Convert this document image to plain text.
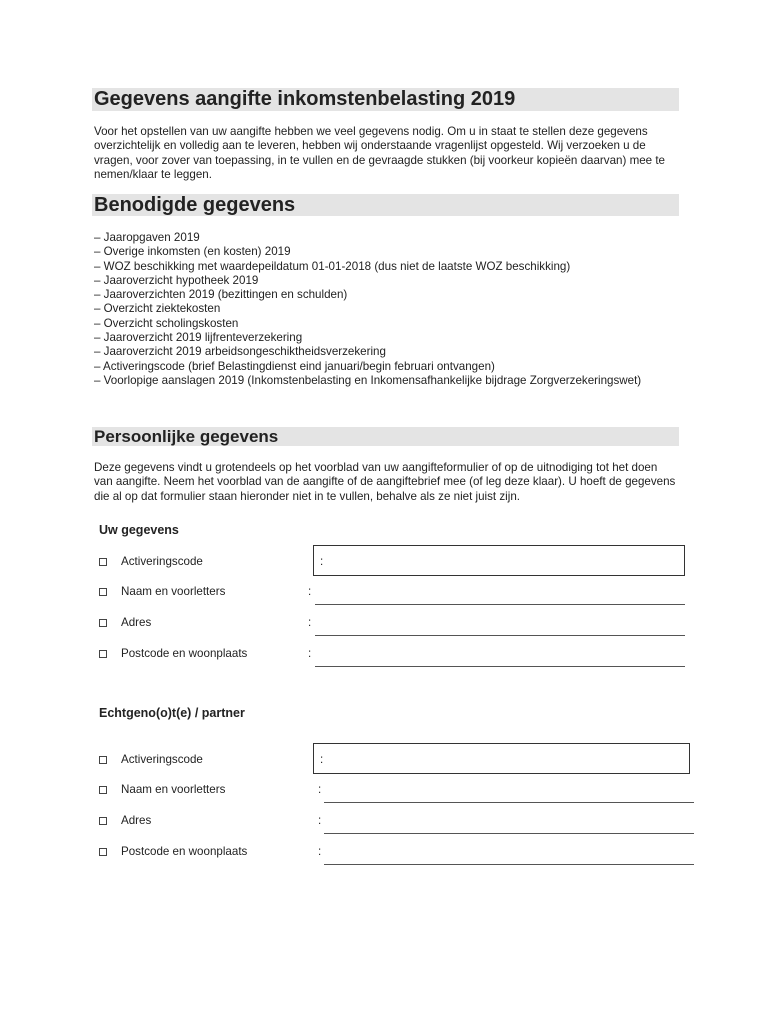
Gegevens aangifte inkomstenbelasting 2019

Voor het opstellen van uw aangifte hebben we veel gegevens nodig. Om u in staat te stellen deze gegevens overzichtelijk en volledig aan te leveren, hebben wij onderstaande vragenlijst opgesteld. Wij verzoeken u de vragen, voor zover van toepassing, in te vullen en de gevraagde stukken (bij voorkeur kopieën daarvan) mee te nemen/klaar te leggen.

Benodigde gegevens
– Jaaropgaven 2019
– Overige inkomsten (en kosten) 2019
– WOZ beschikking met waardepeildatum 01-01-2018 (dus niet de laatste WOZ beschikking)
– Jaaroverzicht hypotheek 2019
– Jaaroverzichten 2019 (bezittingen en schulden)
– Overzicht ziektekosten
– Overzicht scholingskosten
– Jaaroverzicht 2019 lijfrenteverzekering
– Jaaroverzicht 2019 arbeidsongeschiktheidsverzekering
– Activeringscode (brief Belastingdienst eind januari/begin februari ontvangen)
– Voorlopige aanslagen 2019 (Inkomstenbelasting en Inkomensafhankelijke bijdrage Zorgverzekeringswet)
Persoonlijke gegevens

Deze gegevens vindt u grotendeels op het voorblad van uw aangifteformulier of op de uitnodiging tot het doen van aangifte. Neem het voorblad van de aangifte of de aangiftebrief mee (of leg deze klaar). U hoeft de gegevens die al op dat formulier staan hieronder niet in te vullen, behalve als ze niet juist zijn.

Uw gegevens
Activeringscode	:
Naam en voorletters	:
Adres	:
Postcode en woonplaats	:
Echtgeno(o)t(e) / partner
Activeringscode	:
Naam en voorletters	:
Adres	:
Postcode en woonplaats	:
